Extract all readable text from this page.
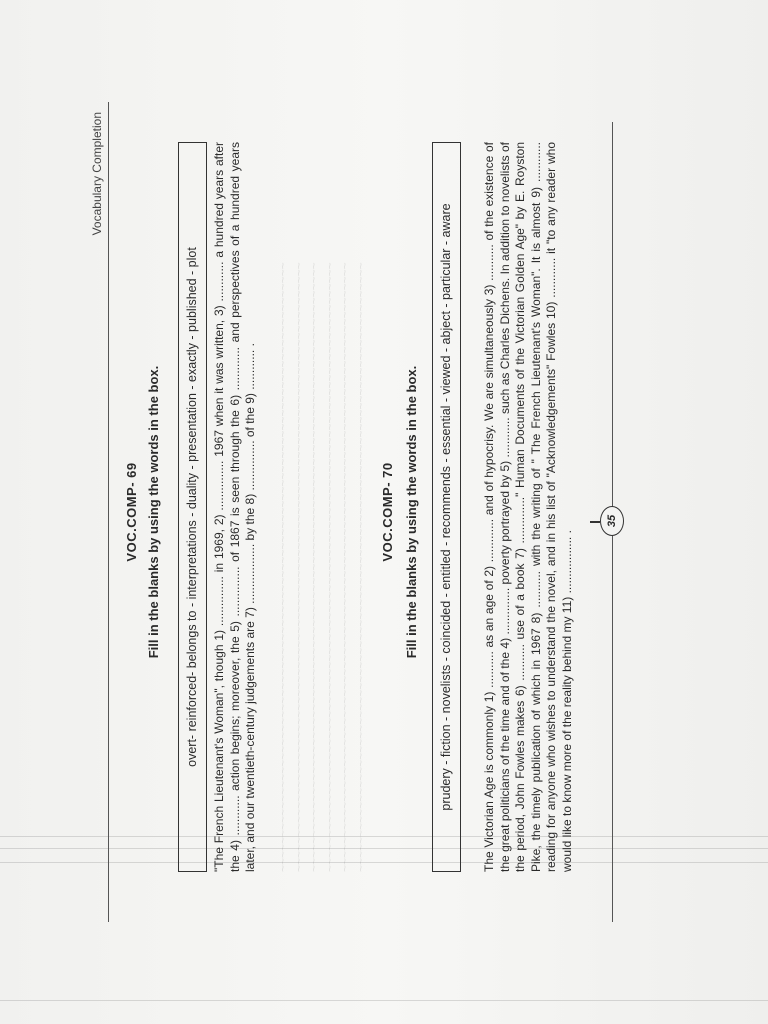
Vocabulary Completion
VOC.COMP- 69 Fill in the blanks by using the words in the box.	overt- reinforced- belongs to - interpretations - duality - presentation - exactly - published - plot	"The French Lieutenant's Woman", though 1) ............... in 1969, 2) ............... 1967 when it was written, 3) ............ a hundred years after the 4) ............ action begins; moreover, the 5) ............... of 1867 is seen through the 6) ............. and perspectives of a hundred years later, and our twentieth-century judgements are 7) .................. by the 8) ............... of the 9) ............ . ~~~~~~~~~~~~~~~~~~~~~~~~~~~~~~~~~~~~~~~~~~~~~~~~~~~~~~~~~~~~~~~~~~~~~~~~~~~~~~~~~~~~~~~
~~~~~~~~~~~~~~~~~~~~~~~~~~~~~~~~~~~~~~~~~~~~~~~~~~~~~~~~~~~~~~~~~~~~~~~~~~~~~~~~~~~~~~~
~~~~~~~~~~~~~~~~~~~~~~~~~~~~~~~~~~~~~~~~~~~~~~~~~~~~~~~~~~~~~~~~~~~~~~~~~~~~~~~~~~~~~~~
~~~~~~~~~~~~~~~~~~~~~~~~~~~~~~~~~~~~~~~~~~~~~~~~~~~~~~~~~~~~~~~~~~~~~~~~~~~~~~~~~~~~~~~
~~~~~~~~~~~~~~~~~~~~~~~~~~~~~~~~~~~~~~~~~~~~~~~~~~~~~~~~~~~~~~~~~~~~~~~~~~~~~~~~~~~~~~~
~~~~~~~~~~~~~~~~~~~~~~~~~~~~~~~~~~~~~~~~~~~~~~~~~~~~~~~~~~~~~~~~~~~~~~~~~~~~~~~~~~~~~~~ VOC.COMP- 70 Fill in the blanks by using the words in the box.	prudery - fiction - novelists - coincided - entitled - recommends - essential - viewed - abject - particular - aware	The Victorian Age is commonly 1) ........... as an age of 2) ............. and of hypocrisy. We are simultaneously 3) ........... of the existence of the great politicians of the time and of the 4) .............. poverty portrayed by 5) ............ such as Charles Dichens. In addition to novelists of the period, John Fowles makes 6) ........... use of a book 7) .............." Human Documents of the Victorian Golden Age" by E. Royston Pike, the timely publication of which in 1967 8) ........... with the writing of " The French Lieutenant's Woman". It is almost 9) ............ reading for anyone who wishes to understand the novel, and in his list of "Acknowledgements" Fowles 10) ............ it "to any reader who would like to know more of the reality behind my 11) ................. .
35
